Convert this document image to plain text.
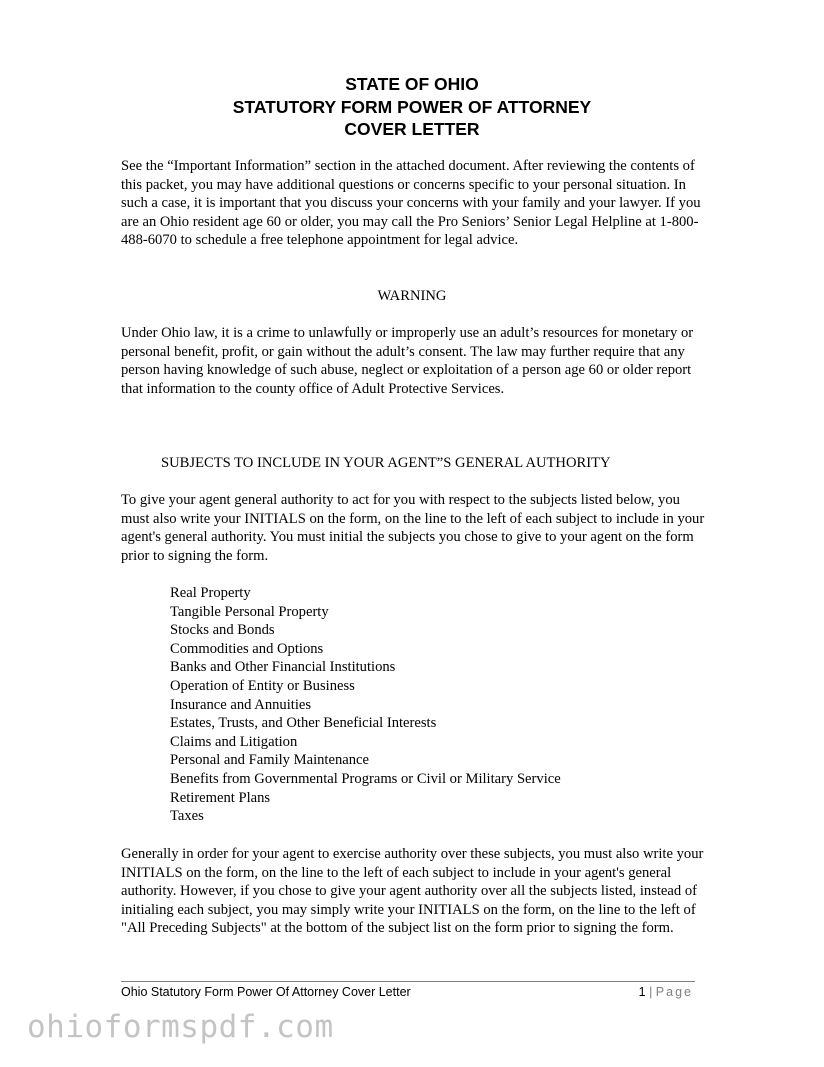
STATE OF OHIO
STATUTORY FORM POWER OF ATTORNEY
COVER LETTER

See the “Important Information” section in the attached document. After reviewing the contents of this packet, you may have additional questions or concerns specific to your personal situation. In such a case, it is important that you discuss your concerns with your family and your lawyer. If you are an Ohio resident age 60 or older, you may call the Pro Seniors’ Senior Legal Helpline at 1-800-488-6070 to schedule a free telephone appointment for legal advice.

WARNING

Under Ohio law, it is a crime to unlawfully or improperly use an adult’s resources for monetary or personal benefit, profit, or gain without the adult’s consent. The law may further require that any person having knowledge of such abuse, neglect or exploitation of a person age 60 or older report that information to the county office of Adult Protective Services.

SUBJECTS TO INCLUDE IN YOUR AGENT”S GENERAL AUTHORITY

To give your agent general authority to act for you with respect to the subjects listed below, you must also write your INITIALS on the form, on the line to the left of each subject to include in your agent's general authority. You must initial the subjects you chose to give to your agent on the form prior to signing the form.

Real Property
Tangible Personal Property
Stocks and Bonds
Commodities and Options
Banks and Other Financial Institutions
Operation of Entity or Business
Insurance and Annuities
Estates, Trusts, and Other Beneficial Interests
Claims and Litigation
Personal and Family Maintenance
Benefits from Governmental Programs or Civil or Military Service
Retirement Plans
Taxes

Generally in order for your agent to exercise authority over these subjects, you must also write your INITIALS on the form, on the line to the left of each subject to include in your agent's general authority. However, if you chose to give your agent authority over all the subjects listed, instead of initialing each subject, you may simply write your INITIALS on the form, on the line to the left of "All Preceding Subjects" at the bottom of the subject list on the form prior to signing the form.

Ohio Statutory Form Power Of Attorney Cover Letter	1 | Page
ohioformspdf.com
